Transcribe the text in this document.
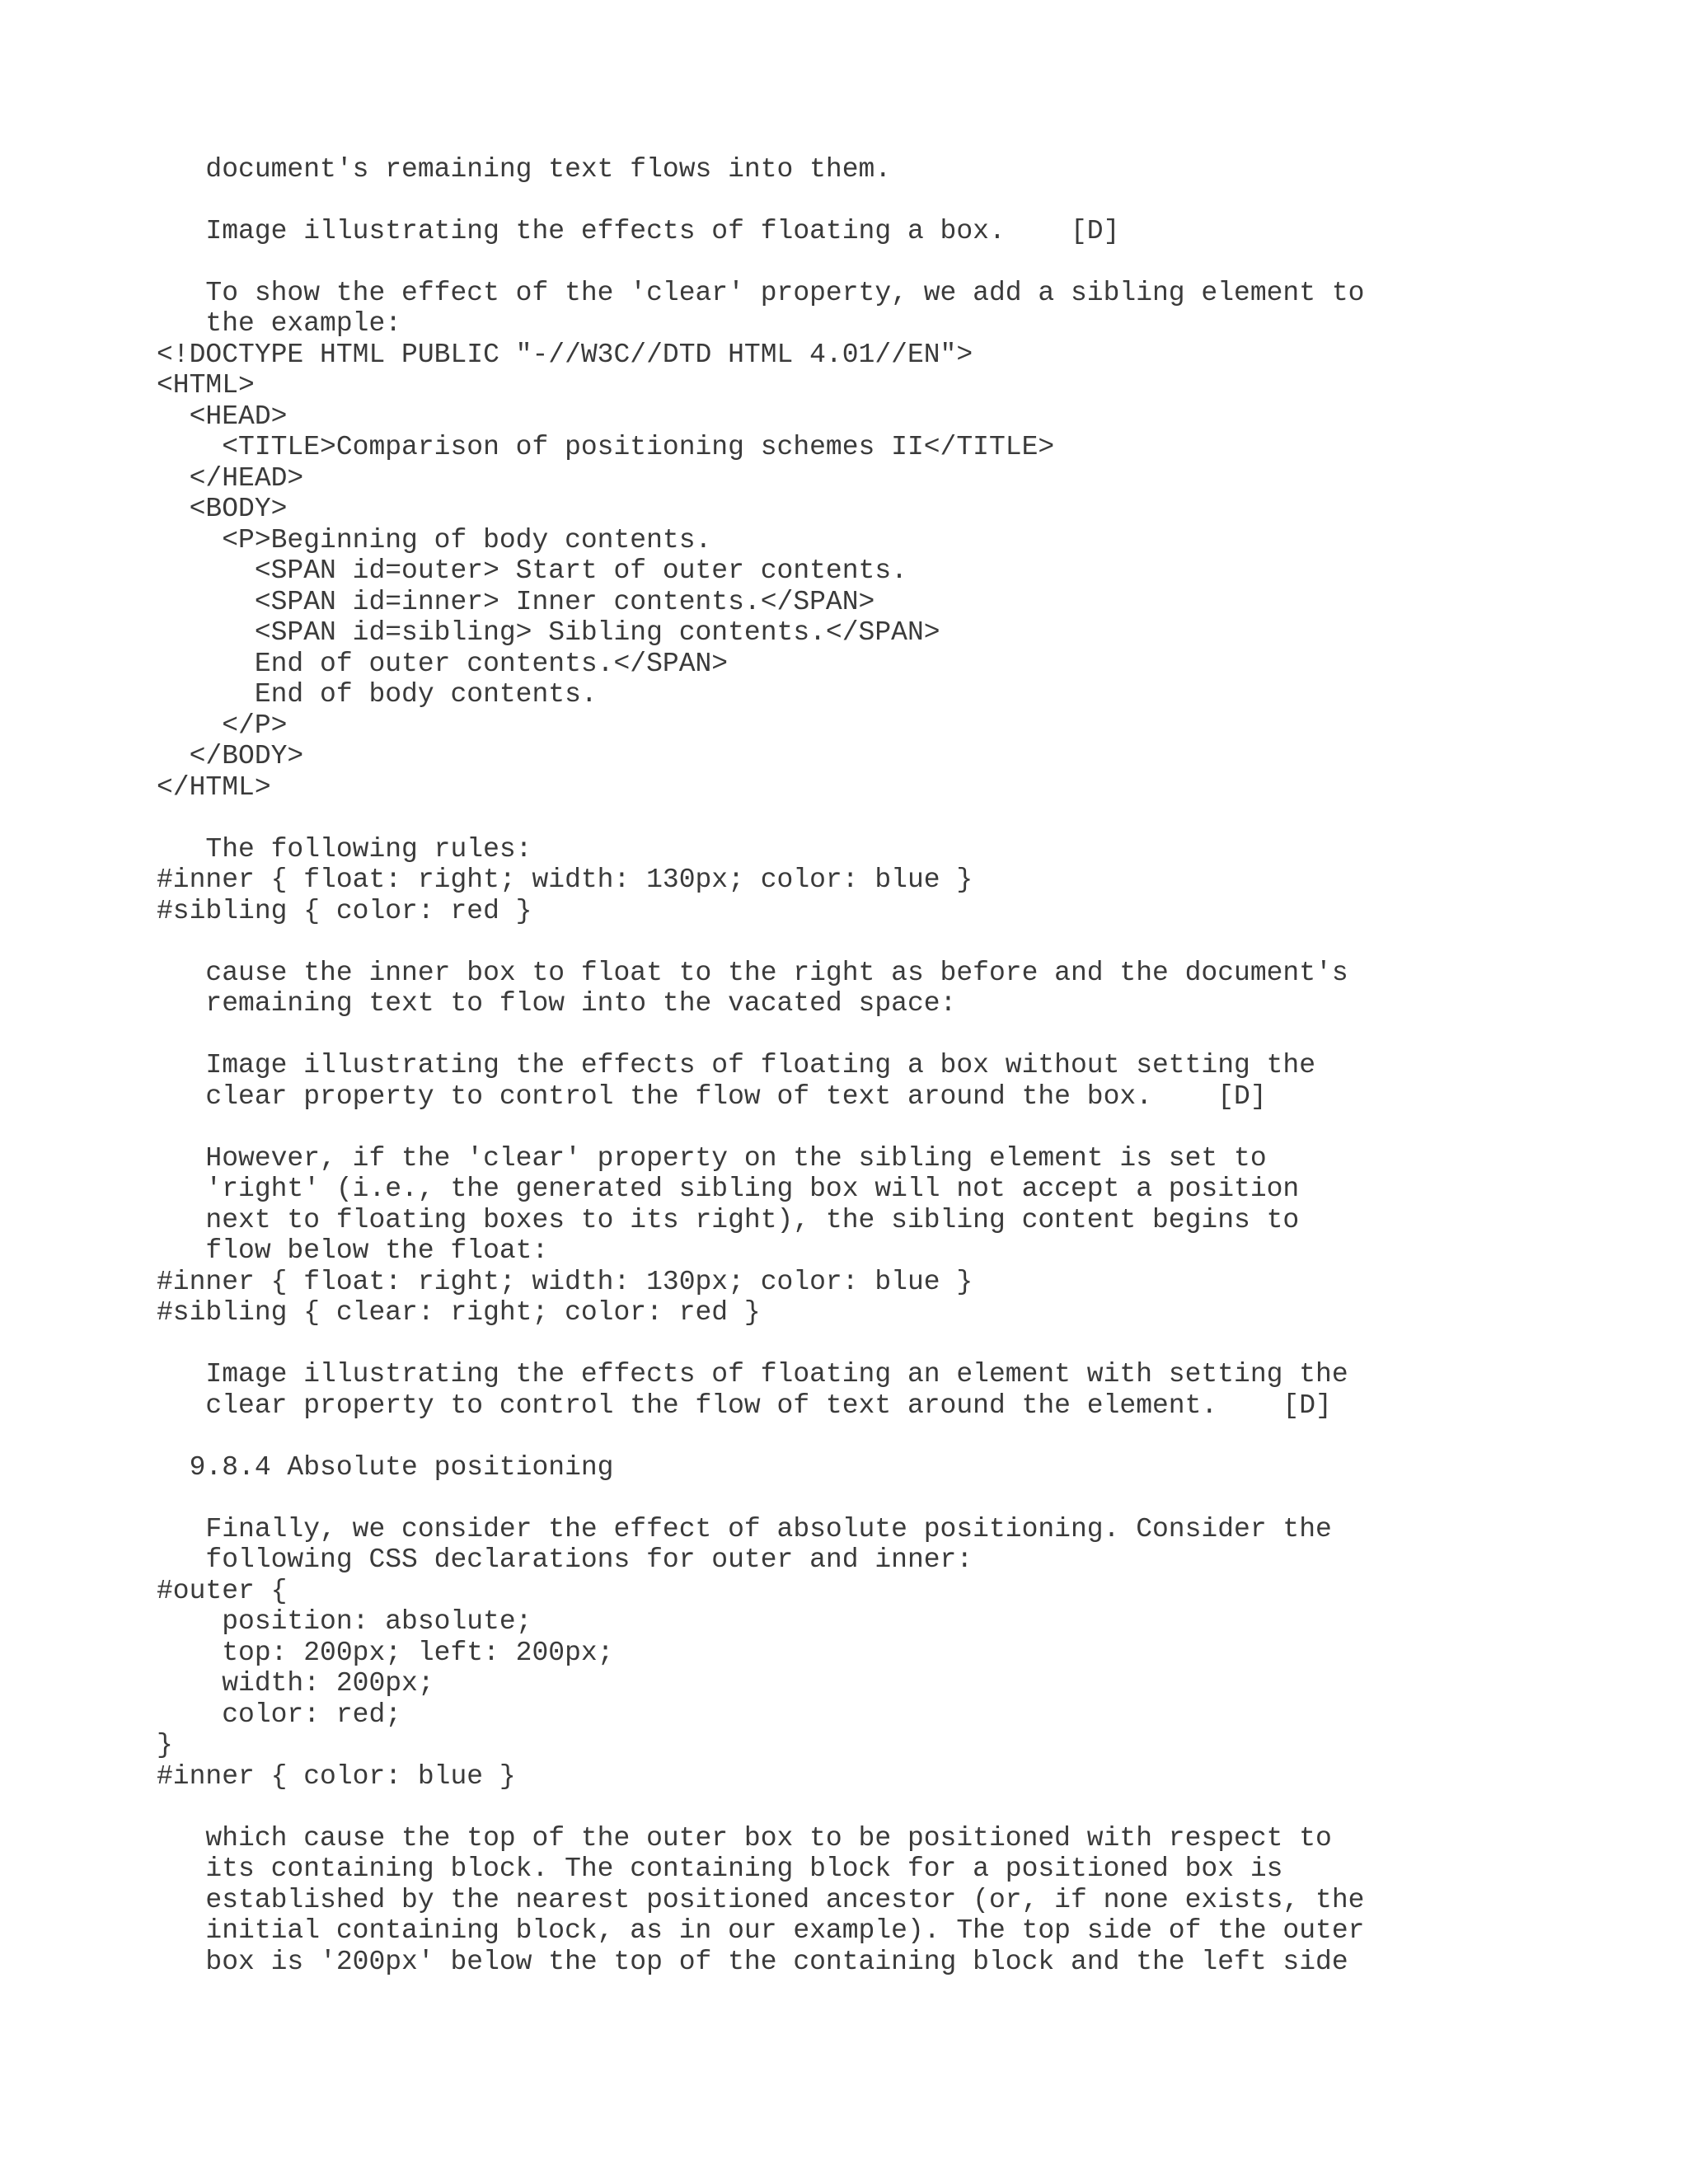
document's remaining text flows into them.

Image illustrating the effects of floating a box.    [D]

To show the effect of the 'clear' property, we add a sibling element to

the example:

<!DOCTYPE HTML PUBLIC "-//W3C//DTD HTML 4.01//EN">

<HTML>

<HEAD>

<TITLE>Comparison of positioning schemes II</TITLE>

</HEAD>

<BODY>

<P>Beginning of body contents.

<SPAN id=outer> Start of outer contents.

<SPAN id=inner> Inner contents.</SPAN>

<SPAN id=sibling> Sibling contents.</SPAN>

End of outer contents.</SPAN>

End of body contents.

</P>

</BODY>

</HTML>

The following rules:

#inner { float: right; width: 130px; color: blue }

#sibling { color: red }

cause the inner box to float to the right as before and the document's

remaining text to flow into the vacated space:

Image illustrating the effects of floating a box without setting the

clear property to control the flow of text around the box.    [D]

However, if the 'clear' property on the sibling element is set to

'right' (i.e., the generated sibling box will not accept a position

next to floating boxes to its right), the sibling content begins to

flow below the float:

#inner { float: right; width: 130px; color: blue }

#sibling { clear: right; color: red }

Image illustrating the effects of floating an element with setting the

clear property to control the flow of text around the element.    [D]

9.8.4 Absolute positioning

Finally, we consider the effect of absolute positioning. Consider the

following CSS declarations for outer and inner:

#outer {

position: absolute;

top: 200px; left: 200px;

width: 200px;

color: red;

}

#inner { color: blue }

which cause the top of the outer box to be positioned with respect to

its containing block. The containing block for a positioned box is

established by the nearest positioned ancestor (or, if none exists, the

initial containing block, as in our example). The top side of the outer

box is '200px' below the top of the containing block and the left side
